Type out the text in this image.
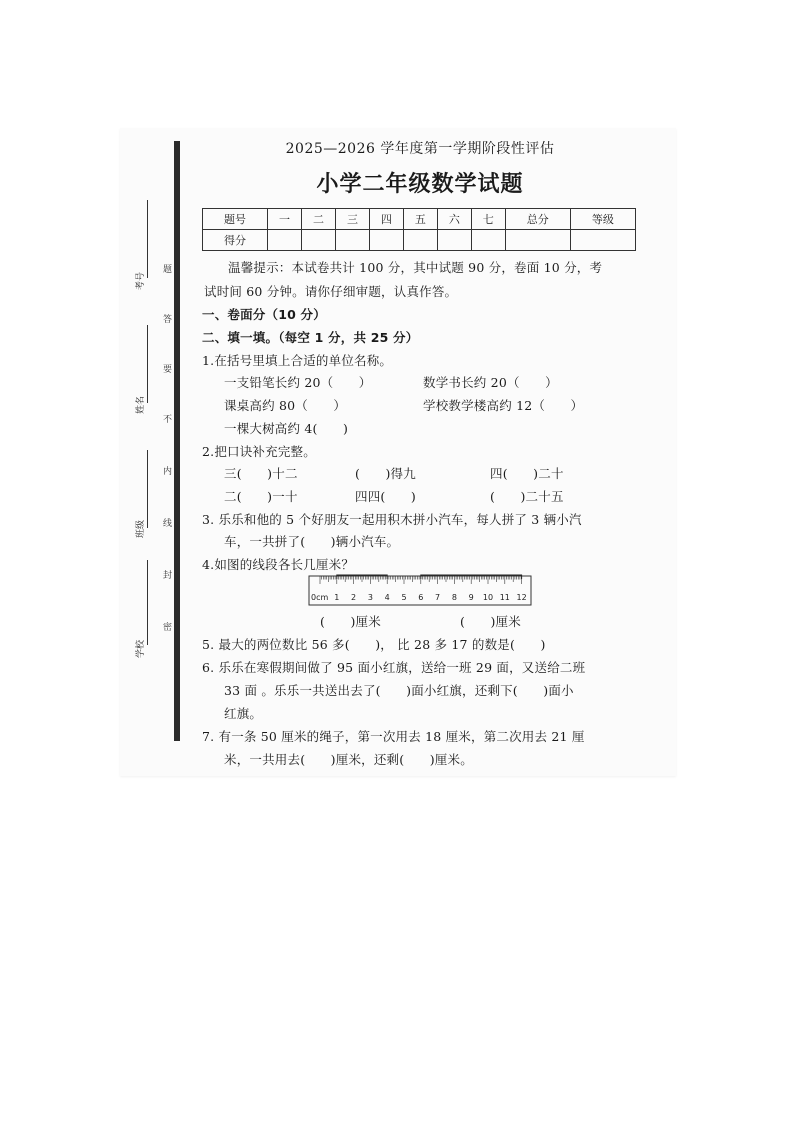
考号
姓名
班级
学校
题
答
要
不
内
线
封
密
2025—2026 学年度第一学期阶段性评估
小学二年级数学试题
题号	一	二	三	四	五	六	七	总分	等级
得分									
温馨提示：本试卷共计 100 分，其中试题 90 分，卷面 10 分，考
试时间 60 分钟。请你仔细审题，认真作答。
一、卷面分（10 分）
二、填一填。（每空 1 分，共 25 分）
1.在括号里填上合适的单位名称。
一支铅笔长约 20（　　）	数学书长约 20（　　）
课桌高约 80（　　）	学校教学楼高约 12（　　）
一棵大树高约 4(　　)
2.把口诀补充完整。
三(　　)十二	(　　)得九	四(　　)二十
二(　　)一十	四四(　　)	(　　)二十五
3. 乐乐和他的 5 个好朋友一起用积木拼小汽车，每人拼了 3 辆小汽
车，一共拼了(　　)辆小汽车。
4.如图的线段各长几厘米？
0cm 1 2 3 4 5 6 7 8 9 10 11 12
(　　)厘米	(　　)厘米
5. 最大的两位数比 56 多(　　)， 比 28 多 17 的数是(　　)
6. 乐乐在寒假期间做了 95 面小红旗，送给一班 29 面，又送给二班
33 面 。乐乐一共送出去了(　　)面小红旗，还剩下(　　)面小
红旗。
7. 有一条 50 厘米的绳子，第一次用去 18 厘米，第二次用去 21 厘
米，一共用去(　　)厘米，还剩(　　)厘米。
